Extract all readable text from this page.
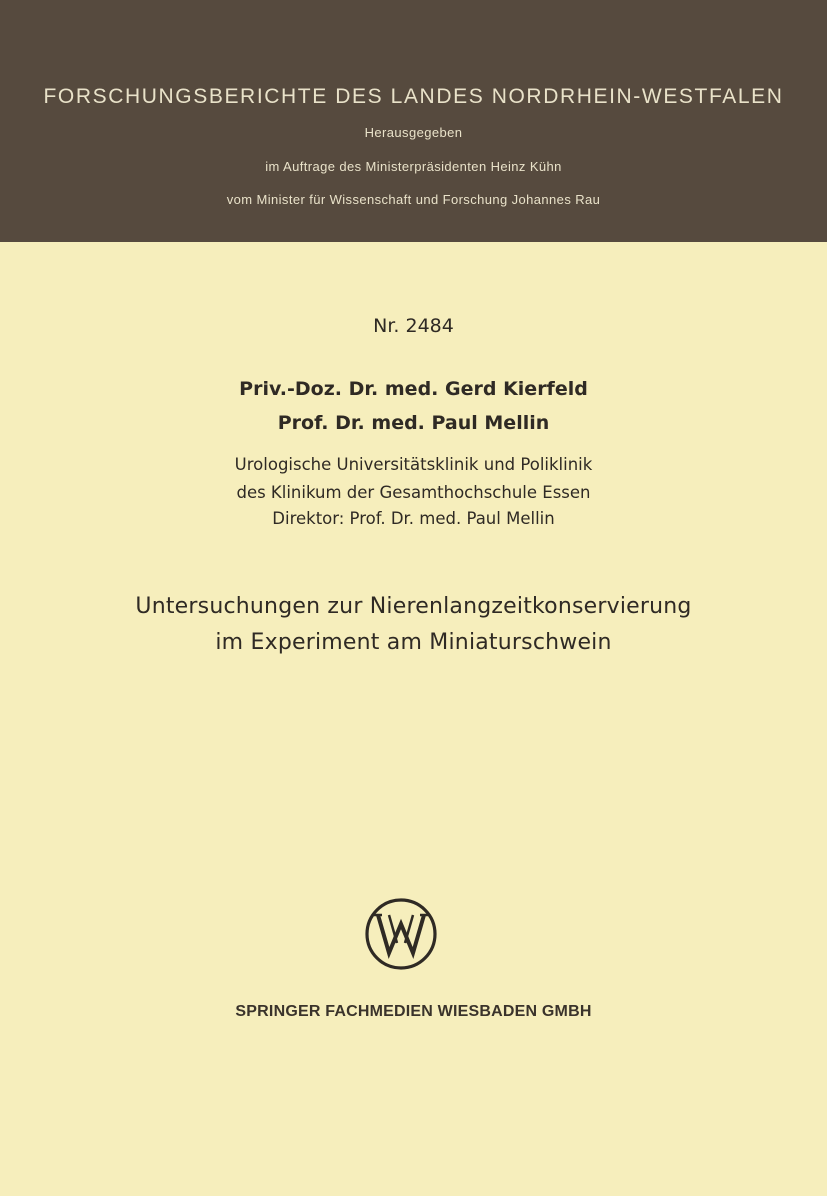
FORSCHUNGSBERICHTE DES LANDES NORDRHEIN-WESTFALEN
Herausgegeben
im Auftrage des Ministerpräsidenten Heinz Kühn
vom Minister für Wissenschaft und Forschung Johannes Rau
Nr. 2484
Priv.-Doz. Dr. med. Gerd Kierfeld
Prof. Dr. med. Paul Mellin
Urologische Universitätsklinik und Poliklinik
des Klinikum der Gesamthochschule Essen
Direktor: Prof. Dr. med. Paul Mellin
Untersuchungen zur Nierenlangzeitkonservierung
im Experiment am Miniaturschwein
SPRINGER FACHMEDIEN WIESBADEN GMBH
